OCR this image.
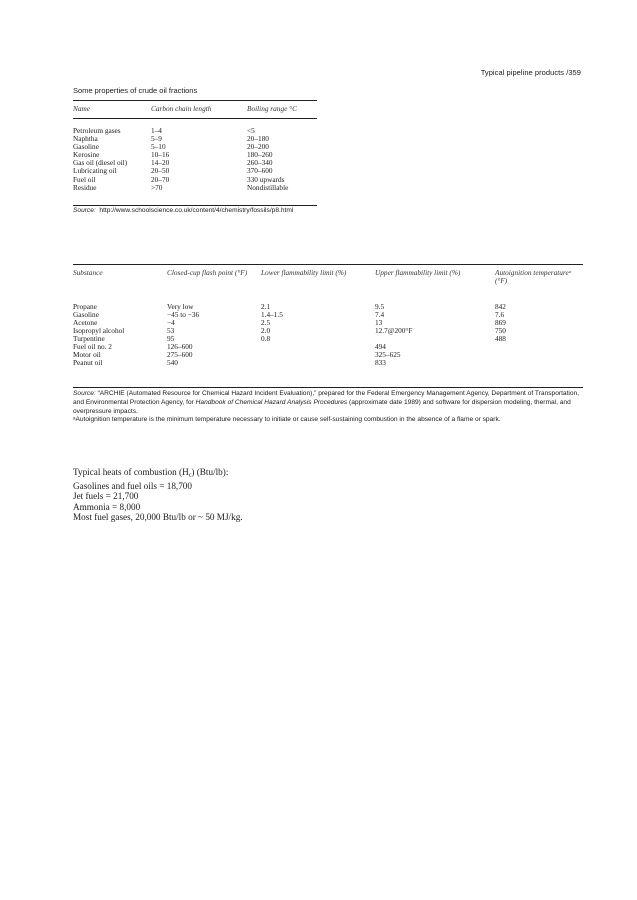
Typical pipeline products /359
Some properties of crude oil fractions
Name	Carbon chain length	Boiling range °C
Petroleum gases	1–4	<5
Naphtha	5–9	20–180
Gasoline	5–10	20–200
Kerosine	10–16	180–260
Gas oil (diesel oil)	14–20	260–340
Lubricating oil	20–50	370–600
Fuel oil	20–70	330 upwards
Residue	>70	Nondistillable
Source: http://www.schoolscience.co.uk/content/4/chemistry/fossils/p8.html
Substance	Closed-cup flash point (°F)	Lower flammability limit (%)	Upper flammability limit (%)	Autoignition temperatureᵃ (°F)
Propane	Very low	2.1	9.5	842
Gasoline	−45 to −36	1.4–1.5	7.4	7.6
Acetone	−4	2.5	13	869
Isopropyl alcohol	53	2.0	12.7@200°F	750
Turpentine	95	0.8		488
Fuel oil no. 2	126–600		494	
Motor oil	275–600		325–625	
Peanut oil	540		833	

Source: “ARCHIE (Automated Resource for Chemical Hazard Incident Evaluation),” prepared for the Federal Emergency Management Agency, Department of Transportation, and Environmental Protection Agency, for Handbook of Chemical Hazard Analysis Procedures (approximate date 1989) and software for dispersion modeling, thermal, and overpressure impacts.

ᵃAutoignition temperature is the minimum temperature necessary to initiate or cause self-sustaining combustion in the absence of a flame or spark.

Typical heats of combustion $(H_c)$ (Btu/lb):
Gasolines and fuel oils = 18,700
Jet fuels = 21,700
Ammonia = 8,000
Most fuel gases, 20,000 Btu/lb or ~ 50 MJ/kg.
